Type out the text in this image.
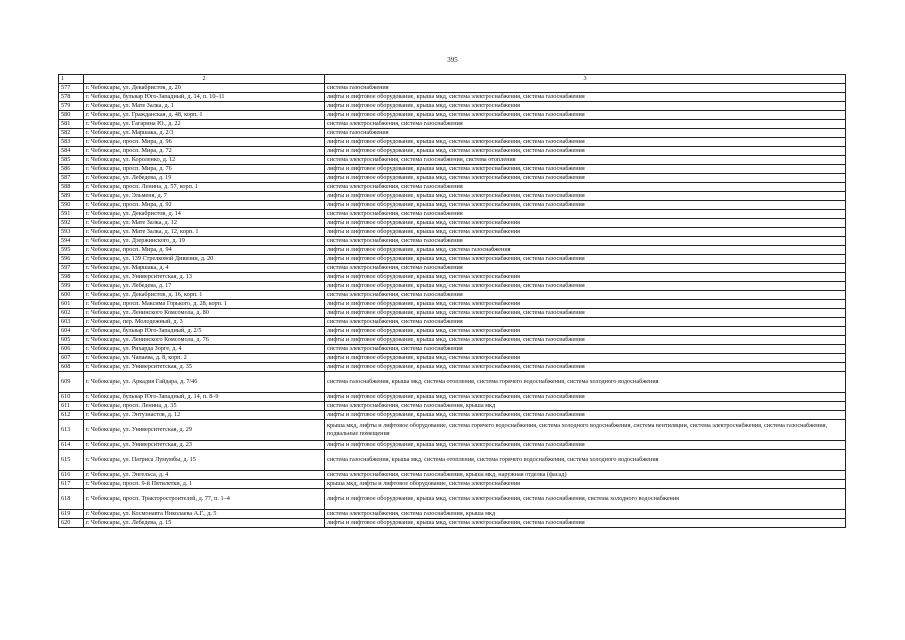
395
1	2	3
577	г. Чебоксары, ул. Декабристов, д. 20	система газоснабжения
578	г. Чебоксары, бульвар Юго-Западный, д. 14, п. 10–11	лифты и лифтовое оборудование, крыша мкд, система электроснабжения, система газоснабжения
579	г. Чебоксары, ул. Мате Залка, д. 1	лифты и лифтовое оборудование, крыша мкд, система электроснабжения
580	г. Чебоксары, ул. Гражданская, д. 48, корп. 1	лифты и лифтовое оборудование, крыша мкд, система электроснабжения, система газоснабжения
581	г. Чебоксары, ул. Гагарина Ю., д. 22	система электроснабжения, система газоснабжения
582	г. Чебоксары, ул. Маршака, д. 2/3	система газоснабжения
583	г. Чебоксары, просп. Мира, д. 96	лифты и лифтовое оборудование, крыша мкд, система электроснабжения, система газоснабжения
584	г. Чебоксары, просп. Мира, д. 72	лифты и лифтовое оборудование, крыша мкд, система электроснабжения, система газоснабжения
585	г. Чебоксары, ул. Короленко, д. 12	система электроснабжения, система газоснабжения, система отопления
586	г. Чебоксары, просп. Мира, д. 76	лифты и лифтовое оборудование, крыша мкд, система электроснабжения, система газоснабжения
587	г. Чебоксары, ул. Лебедева, д. 19	лифты и лифтовое оборудование, крыша мкд, система электроснабжения, система газоснабжения
588	г. Чебоксары, просп. Ленина, д. 57, корп. 1	система электроснабжения, система газоснабжения
589	г. Чебоксары, ул. Эльменя, д. 7	лифты и лифтовое оборудование, крыша мкд, система электроснабжения, система газоснабжения
590	г. Чебоксары, просп. Мира, д. 92	лифты и лифтовое оборудование, крыша мкд, система электроснабжения, система газоснабжения
591	г. Чебоксары, ул. Декабристов, д. 14	система электроснабжения, система газоснабжения
592	г. Чебоксары, ул. Мате Залка, д. 12	лифты и лифтовое оборудование, крыша мкд, система электроснабжения
593	г. Чебоксары, ул. Мате Залка, д. 12, корп. 1	лифты и лифтовое оборудование, крыша мкд, система электроснабжения
594	г. Чебоксары, ул. Дзержинского, д. 19	система электроснабжения, система газоснабжения
595	г. Чебоксары, просп. Мира, д. 94	лифты и лифтовое оборудование, крыша мкд, система газоснабжения
596	г. Чебоксары, ул. 139 Стрелковой Дивизии, д. 20	лифты и лифтовое оборудование, крыша мкд, система электроснабжения, система газоснабжения
597	г. Чебоксары, ул. Маршака, д. 4	система электроснабжения, система газоснабжения
598	г. Чебоксары, ул. Университетская, д. 13	лифты и лифтовое оборудование, крыша мкд, система электроснабжения
599	г. Чебоксары, ул. Лебедева, д. 17	лифты и лифтовое оборудование, крыша мкд, система электроснабжения, система газоснабжения
600	г. Чебоксары, ул. Декабристов, д. 16, корп. 1	система электроснабжения, система газоснабжения
601	г. Чебоксары, просп. Максима Горького, д. 28, корп. 1	лифты и лифтовое оборудование, крыша мкд, система электроснабжения
602	г. Чебоксары, ул. Ленинского Комсомола, д. 80	лифты и лифтовое оборудование, крыша мкд, система электроснабжения, система газоснабжения
603	г. Чебоксары, пер. Молодежный, д. 3	система электроснабжения, система газоснабжения
604	г. Чебоксары, бульвар Юго-Западный, д. 2/5	лифты и лифтовое оборудование, крыша мкд, система электроснабжения
605	г. Чебоксары, ул. Ленинского Комсомола, д. 76	лифты и лифтовое оборудование, крыша мкд, система электроснабжения, система газоснабжения
606	г. Чебоксары, ул. Рихарда Зорге, д. 4	система электроснабжения, система газоснабжения
607	г. Чебоксары, ул. Чапаева, д. 8, корп. 2	лифты и лифтовое оборудование, крыша мкд, система электроснабжения
608	г. Чебоксары, ул. Университетская, д. 35	лифты и лифтовое оборудование, крыша мкд, система электроснабжения, система газоснабжения
609	г. Чебоксары, ул. Аркадия Гайдара, д. 7/46	система газоснабжения, крыша мкд, система отопления, система горячего водоснабжения, система холодного водоснабжения
610	г. Чебоксары, бульвар Юго-Западный, д. 14, п. 8–9	лифты и лифтовое оборудование, крыша мкд, система электроснабжения, система газоснабжения
611	г. Чебоксары, просп. Ленина, д. 35	система электроснабжения, система газоснабжения, крыша мкд
612	г. Чебоксары, ул. Энтузиастов, д. 12	лифты и лифтовое оборудование, крыша мкд, система электроснабжения, система газоснабжения
613	г. Чебоксары, ул. Университетская, д. 29	крыша мкд, лифты и лифтовое оборудование, система горячего водоснабжения, система холодного водоснабжения, система вентиляции, система электроснабжения, система газоснабжения, подвальные помещения
614	г. Чебоксары, ул. Университетская, д. 23	лифты и лифтовое оборудование, крыша мкд, система электроснабжения, система газоснабжения
615	г. Чебоксары, ул. Патриса Лумумбы, д. 15	система газоснабжения, крыша мкд, система отопления, система горячего водоснабжения, система холодного водоснабжения
616	г. Чебоксары, ул. Энгельса, д. 4	система электроснабжения, система газоснабжения, крыша мкд, наружная отделка (фасад)
617	г. Чебоксары, просп. 9-й Пятилетки, д. 1	крыша мкд, лифты и лифтовое оборудование, система электроснабжения
618	г. Чебоксары, просп. Тракторостроителей, д. 77, п. 1–4	лифты и лифтовое оборудование, крыша мкд, система электроснабжения, система газоснабжения, система холодного водоснабжения
619	г. Чебоксары, ул. Космонавта Николаева А.Г., д. 5	система электроснабжения, система газоснабжения, крыша мкд
620	г. Чебоксары, ул. Лебедева, д. 15	лифты и лифтовое оборудование, крыша мкд, система электроснабжения, система газоснабжения
